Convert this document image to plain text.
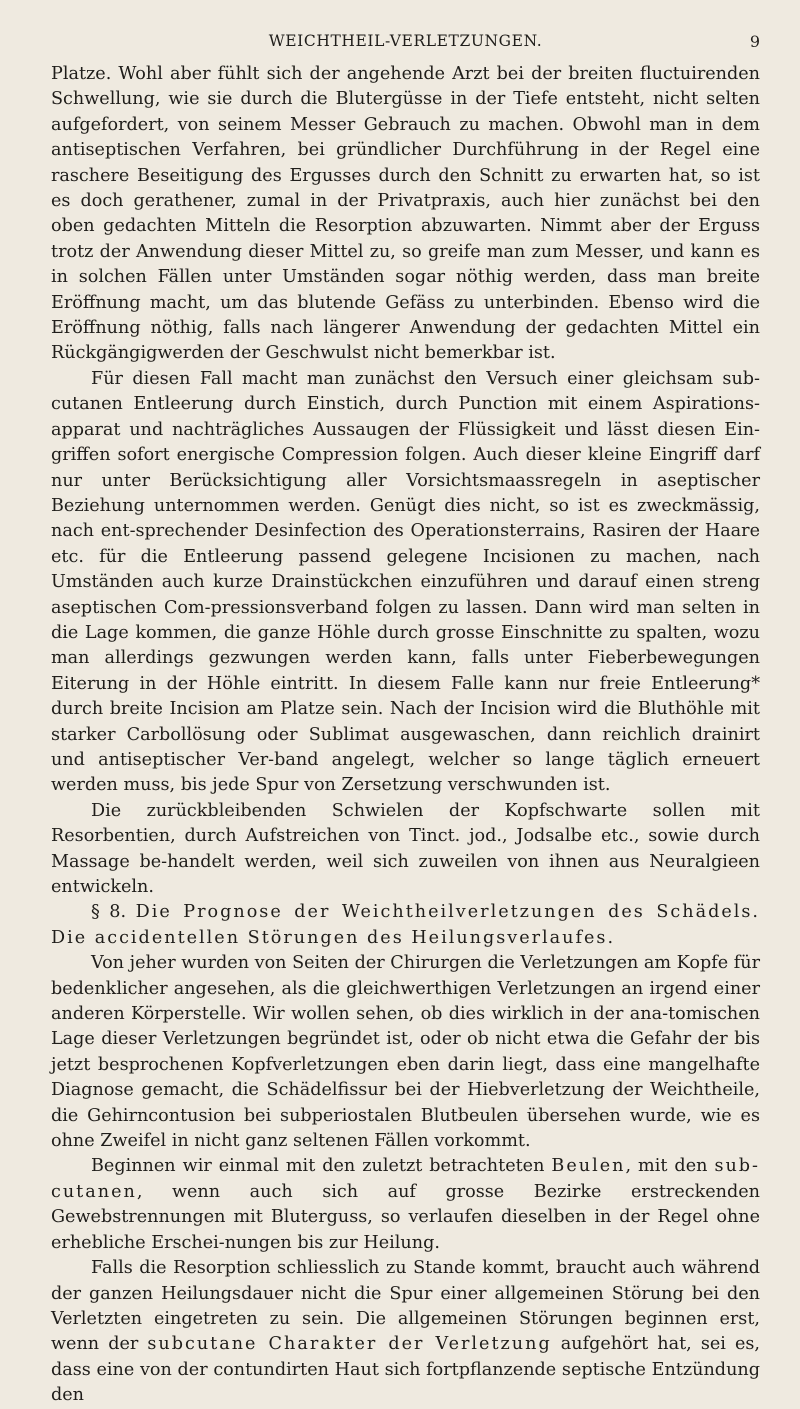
WEICHTHEIL-VERLETZUNGEN.	9

Platze. Wohl aber fühlt sich der angehende Arzt bei der breiten fluctuirenden Schwellung, wie sie durch die Blutergüsse in der Tiefe entsteht, nicht selten aufgefordert, von seinem Messer Gebrauch zu machen. Obwohl man in dem antiseptischen Verfahren, bei gründlicher Durchführung in der Regel eine raschere Beseitigung des Ergusses durch den Schnitt zu erwarten hat, so ist es doch gerathener, zumal in der Privatpraxis, auch hier zunächst bei den oben gedachten Mitteln die Resorption abzuwarten. Nimmt aber der Erguss trotz der Anwendung dieser Mittel zu, so greife man zum Messer, und kann es in solchen Fällen unter Umständen sogar nöthig werden, dass man breite Eröffnung macht, um das blutende Gefäss zu unterbinden. Ebenso wird die Eröffnung nöthig, falls nach längerer Anwendung der gedachten Mittel ein Rückgängigwerden der Geschwulst nicht bemerkbar ist.

Für diesen Fall macht man zunächst den Versuch einer gleichsam sub-cutanen Entleerung durch Einstich, durch Punction mit einem Aspirations-apparat und nachträgliches Aussaugen der Flüssigkeit und lässt diesen Ein-griffen sofort energische Compression folgen. Auch dieser kleine Eingriff darf nur unter Berücksichtigung aller Vorsichtsmaassregeln in aseptischer Beziehung unternommen werden. Genügt dies nicht, so ist es zweckmässig, nach ent-sprechender Desinfection des Operationsterrains, Rasiren der Haare etc. für die Entleerung passend gelegene Incisionen zu machen, nach Umständen auch kurze Drainstückchen einzuführen und darauf einen streng aseptischen Com-pressionsverband folgen zu lassen. Dann wird man selten in die Lage kommen, die ganze Höhle durch grosse Einschnitte zu spalten, wozu man allerdings gezwungen werden kann, falls unter Fieberbewegungen Eiterung in der Höhle eintritt. In diesem Falle kann nur freie Entleerung* durch breite Incision am Platze sein. Nach der Incision wird die Bluthöhle mit starker Carbollösung oder Sublimat ausgewaschen, dann reichlich drainirt und antiseptischer Ver-band angelegt, welcher so lange täglich erneuert werden muss, bis jede Spur von Zersetzung verschwunden ist.

Die zurückbleibenden Schwielen der Kopfschwarte sollen mit Resorbentien, durch Aufstreichen von Tinct. jod., Jodsalbe etc., sowie durch Massage be-handelt werden, weil sich zuweilen von ihnen aus Neuralgieen entwickeln.

§ 8. Die Prognose der Weichtheilverletzungen des Schädels. Die accidentellen Störungen des Heilungsverlaufes.

Von jeher wurden von Seiten der Chirurgen die Verletzungen am Kopfe für bedenklicher angesehen, als die gleichwerthigen Verletzungen an irgend einer anderen Körperstelle. Wir wollen sehen, ob dies wirklich in der ana-tomischen Lage dieser Verletzungen begründet ist, oder ob nicht etwa die Gefahr der bis jetzt besprochenen Kopfverletzungen eben darin liegt, dass eine mangelhafte Diagnose gemacht, die Schädelfissur bei der Hiebverletzung der Weichtheile, die Gehirncontusion bei subperiostalen Blutbeulen übersehen wurde, wie es ohne Zweifel in nicht ganz seltenen Fällen vorkommt.

Beginnen wir einmal mit den zuletzt betrachteten Beulen, mit den sub-cutanen, wenn auch sich auf grosse Bezirke erstreckenden Gewebstrennungen mit Bluterguss, so verlaufen dieselben in der Regel ohne erhebliche Erschei-nungen bis zur Heilung.

Falls die Resorption schliesslich zu Stande kommt, braucht auch während der ganzen Heilungsdauer nicht die Spur einer allgemeinen Störung bei den Verletzten eingetreten zu sein. Die allgemeinen Störungen beginnen erst, wenn der subcutane Charakter der Verletzung aufgehört hat, sei es, dass eine von der contundirten Haut sich fortpflanzende septische Entzündung den
